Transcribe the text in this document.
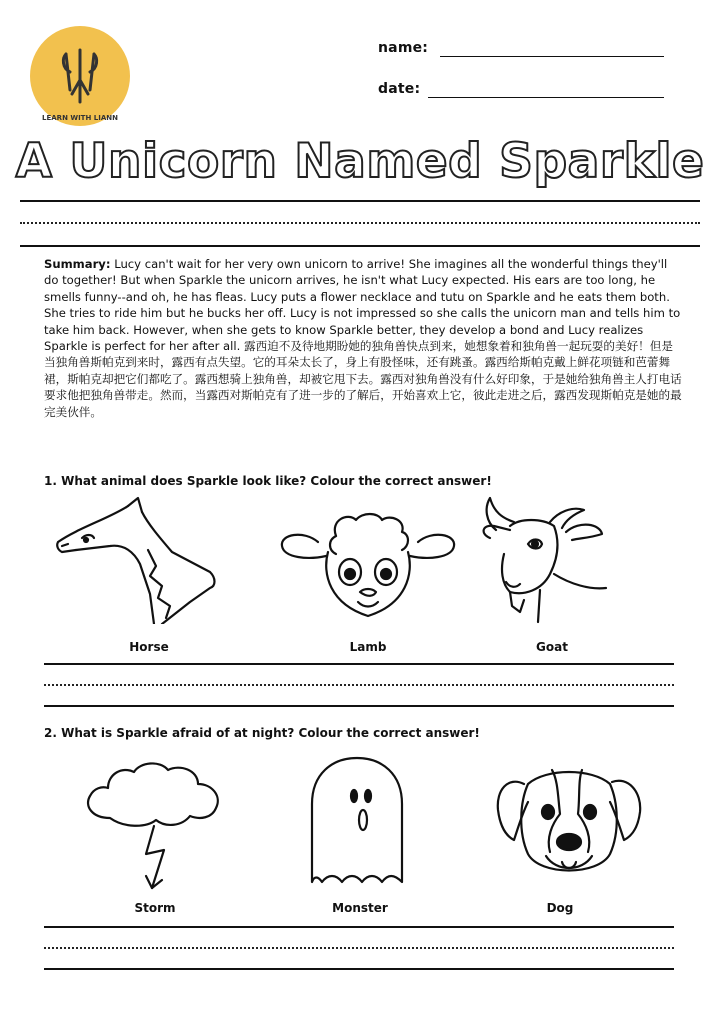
LEARN WITH LIANN
name:
date:
A Unicorn Named Sparkle
Summary: Lucy can't wait for her very own unicorn to arrive! She imagines all the wonderful things they'll do together! But when Sparkle the unicorn arrives, he isn't what Lucy expected. His ears are too long, he smells funny--and oh, he has fleas. Lucy puts a flower necklace and tutu on Sparkle and he eats them both. She tries to ride him but he bucks her off. Lucy is not impressed so she calls the unicorn man and tells him to take him back. However, when she gets to know Sparkle better, they develop a bond and Lucy realizes Sparkle is perfect for her after all. 露西迫不及待地期盼她的独角兽快点到来，她想象着和独角兽一起玩耍的美好！但是当独角兽斯帕克到来时，露西有点失望。它的耳朵太长了，身上有股怪味，还有跳蚤。露西给斯帕克戴上鲜花项链和芭蕾舞裙，斯帕克却把它们都吃了。露西想骑上独角兽，却被它甩下去。露西对独角兽没有什么好印象，于是她给独角兽主人打电话要求他把独角兽带走。然而，当露西对斯帕克有了进一步的了解后，开始喜欢上它，彼此走进之后，露西发现斯帕克是她的最完美伙伴。
1. What animal does Sparkle look like? Colour the correct answer!
Horse	Lamb	Goat
2. What is Sparkle afraid of at night? Colour the correct answer!
Storm	Monster	Dog
